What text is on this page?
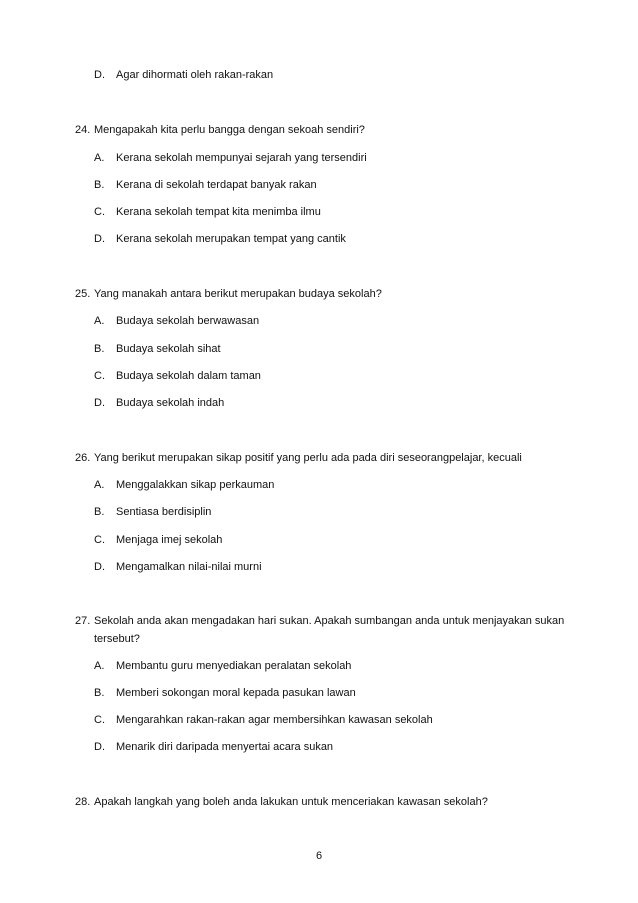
D. Agar dihormati oleh rakan-rakan
24. Mengapakah kita perlu bangga dengan sekoah sendiri?
A. Kerana sekolah mempunyai sejarah yang tersendiri
B. Kerana di sekolah terdapat banyak rakan
C. Kerana sekolah tempat kita menimba ilmu
D. Kerana sekolah merupakan tempat yang cantik
25. Yang manakah antara berikut merupakan budaya sekolah?
A. Budaya sekolah berwawasan
B. Budaya sekolah sihat
C. Budaya sekolah dalam taman
D. Budaya sekolah indah
26. Yang berikut merupakan sikap positif yang perlu ada pada diri seseorangpelajar, kecuali
A. Menggalakkan sikap perkauman
B. Sentiasa berdisiplin
C. Menjaga imej sekolah
D. Mengamalkan nilai-nilai murni
27. Sekolah anda akan mengadakan hari sukan. Apakah sumbangan anda untuk menjayakan sukan
tersebut?
A. Membantu guru menyediakan peralatan sekolah
B. Memberi sokongan moral kepada pasukan lawan
C. Mengarahkan rakan-rakan agar membersihkan kawasan sekolah
D. Menarik diri daripada menyertai acara sukan
28. Apakah langkah yang boleh anda lakukan untuk menceriakan kawasan sekolah?
6
